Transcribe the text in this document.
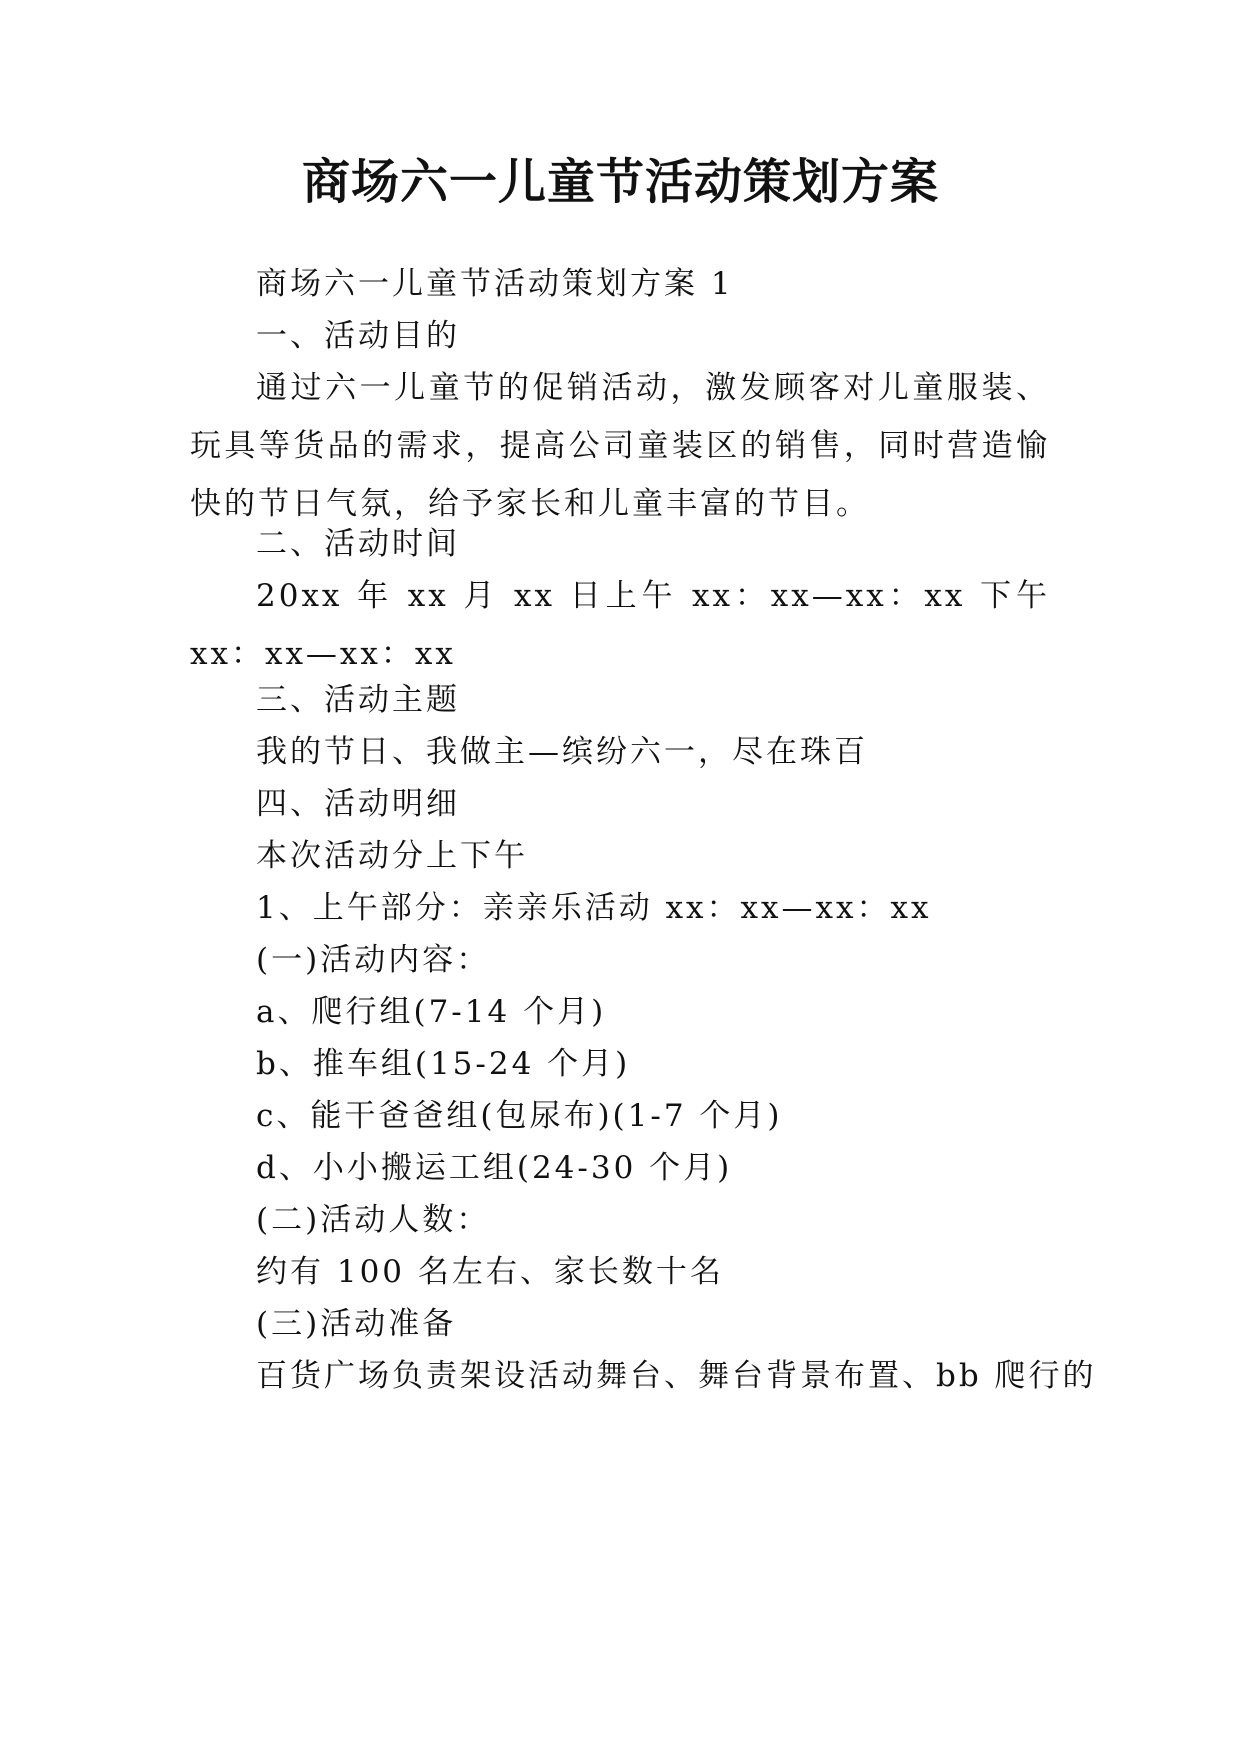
商场六一儿童节活动策划方案
商场六一儿童节活动策划方案 1
一、活动目的
通过六一儿童节的促销活动，激发顾客对儿童服装、玩具等货品的需求，提高公司童装区的销售，同时营造愉快的节日气氛，给予家长和儿童丰富的节目。
二、活动时间
20xx 年 xx 月 xx 日上午 xx：xx—xx：xx 下午 xx：xx—xx：xx
三、活动主题
我的节日、我做主—缤纷六一，尽在珠百
四、活动明细
本次活动分上下午
1、上午部分：亲亲乐活动 xx：xx—xx：xx
(一)活动内容：
a、爬行组(7-14 个月)
b、推车组(15-24 个月)
c、能干爸爸组(包尿布)(1-7 个月)
d、小小搬运工组(24-30 个月)
(二)活动人数：
约有 100 名左右、家长数十名
(三)活动准备
百货广场负责架设活动舞台、舞台背景布置、bb 爬行的
